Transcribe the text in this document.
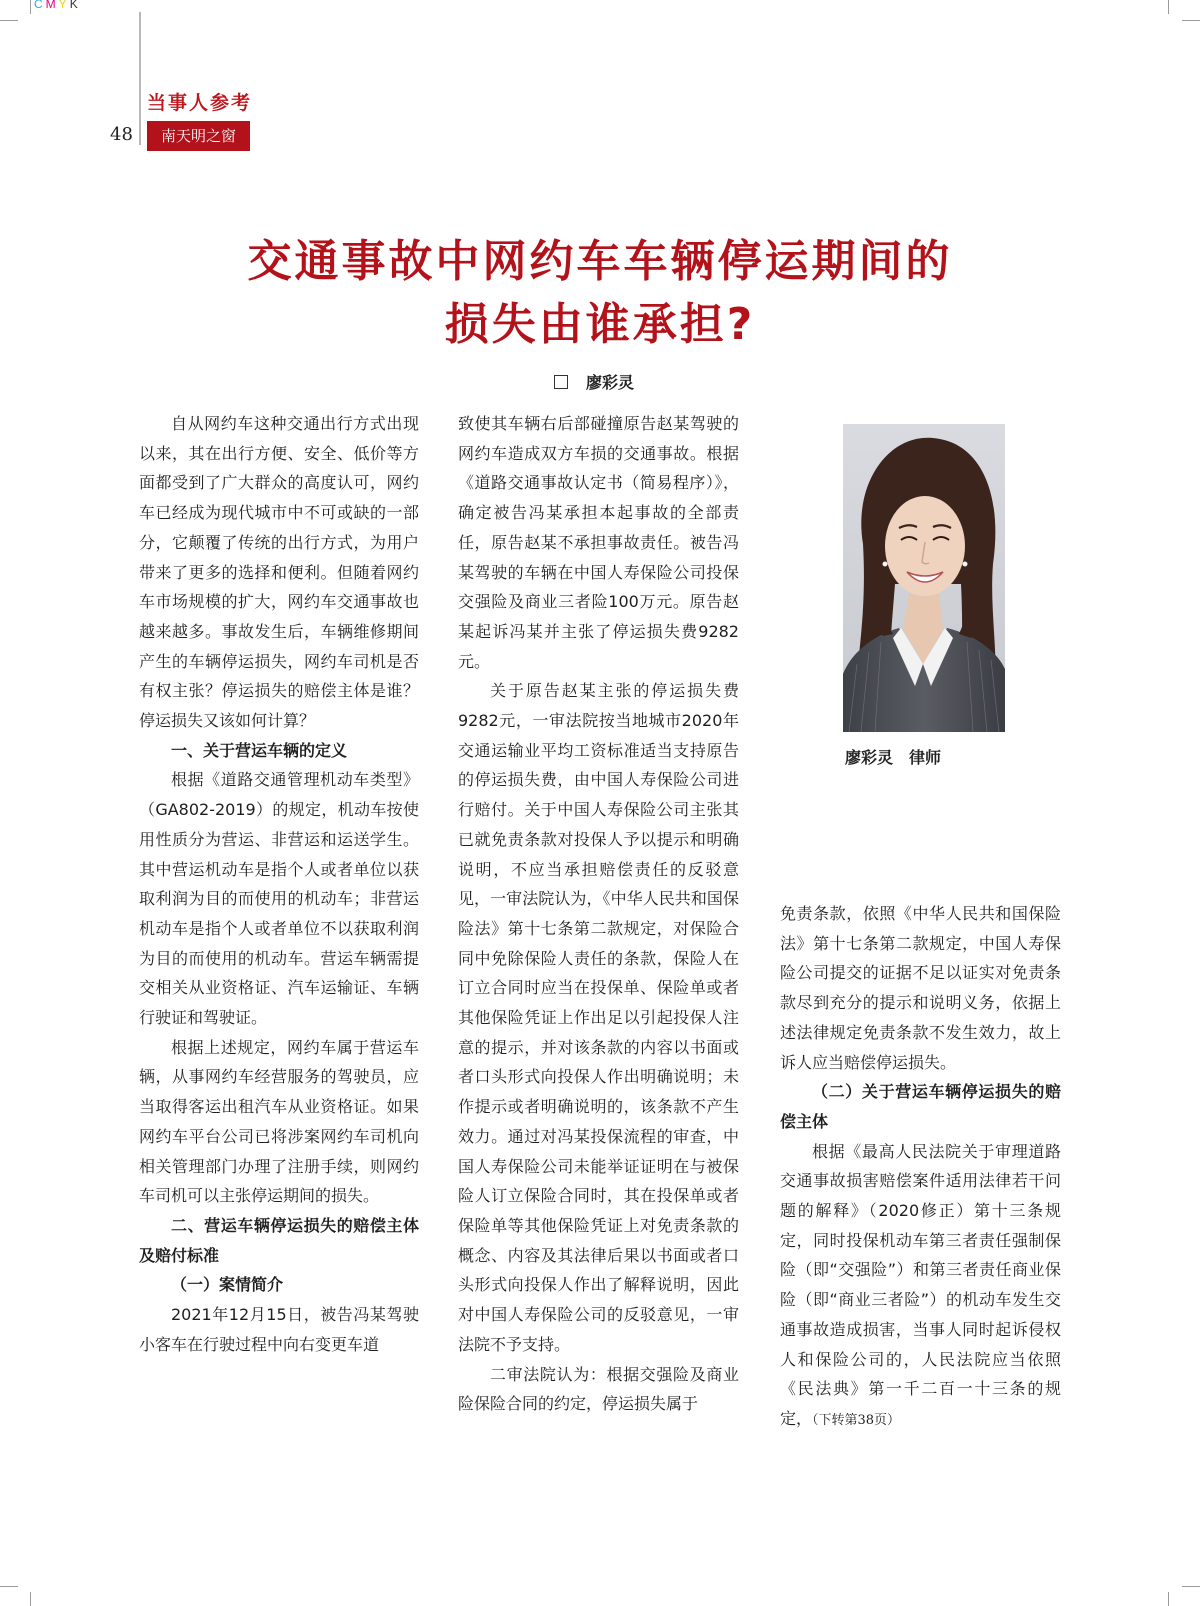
CMYK
当事人参考
48	南天明之窗
交通事故中网约车车辆停运期间的
损失由谁承担?
廖彩灵

自从网约车这种交通出行方式出现以来，其在出行方便、安全、低价等方面都受到了广大群众的高度认可，网约车已经成为现代城市中不可或缺的一部分，它颠覆了传统的出行方式，为用户带来了更多的选择和便利。但随着网约车市场规模的扩大，网约车交通事故也越来越多。事故发生后，车辆维修期间产生的车辆停运损失，网约车司机是否有权主张？停运损失的赔偿主体是谁？停运损失又该如何计算？

一、关于营运车辆的定义

根据《道路交通管理机动车类型》（GA802-2019）的规定，机动车按使用性质分为营运、非营运和运送学生。其中营运机动车是指个人或者单位以获取利润为目的而使用的机动车；非营运机动车是指个人或者单位不以获取利润为目的而使用的机动车。营运车辆需提交相关从业资格证、汽车运输证、车辆行驶证和驾驶证。

根据上述规定，网约车属于营运车辆，从事网约车经营服务的驾驶员，应当取得客运出租汽车从业资格证。如果网约车平台公司已将涉案网约车司机向相关管理部门办理了注册手续，则网约车司机可以主张停运期间的损失。

二、营运车辆停运损失的赔偿主体及赔付标准

（一）案情简介

2021年12月15日，被告冯某驾驶小客车在行驶过程中向右变更车道

致使其车辆右后部碰撞原告赵某驾驶的网约车造成双方车损的交通事故。根据《道路交通事故认定书（简易程序）》，确定被告冯某承担本起事故的全部责任，原告赵某不承担事故责任。被告冯某驾驶的车辆在中国人寿保险公司投保交强险及商业三者险100万元。原告赵某起诉冯某并主张了停运损失费9282元。

关于原告赵某主张的停运损失费9282元，一审法院按当地城市2020年交通运输业平均工资标准适当支持原告的停运损失费，由中国人寿保险公司进行赔付。关于中国人寿保险公司主张其已就免责条款对投保人予以提示和明确说明，不应当承担赔偿责任的反驳意见，一审法院认为，《中华人民共和国保险法》第十七条第二款规定，对保险合同中免除保险人责任的条款，保险人在订立合同时应当在投保单、保险单或者其他保险凭证上作出足以引起投保人注意的提示，并对该条款的内容以书面或者口头形式向投保人作出明确说明；未作提示或者明确说明的，该条款不产生效力。通过对冯某投保流程的审查，中国人寿保险公司未能举证证明在与被保险人订立保险合同时，其在投保单或者保险单等其他保险凭证上对免责条款的概念、内容及其法律后果以书面或者口头形式向投保人作出了解释说明，因此对中国人寿保险公司的反驳意见，一审法院不予支持。

二审法院认为：根据交强险及商业险保险合同的约定，停运损失属于

廖彩灵　律师

免责条款，依照《中华人民共和国保险法》第十七条第二款规定，中国人寿保险公司提交的证据不足以证实对免责条款尽到充分的提示和说明义务，依据上述法律规定免责条款不发生效力，故上诉人应当赔偿停运损失。

（二）关于营运车辆停运损失的赔偿主体

根据《最高人民法院关于审理道路交通事故损害赔偿案件适用法律若干问题的解释》（2020修正）第十三条规定，同时投保机动车第三者责任强制保险（即“交强险”）和第三者责任商业保险（即“商业三者险”）的机动车发生交通事故造成损害，当事人同时起诉侵权人和保险公司的，人民法院应当依照《民法典》第一千二百一十三条的规定，（下转第38页）
